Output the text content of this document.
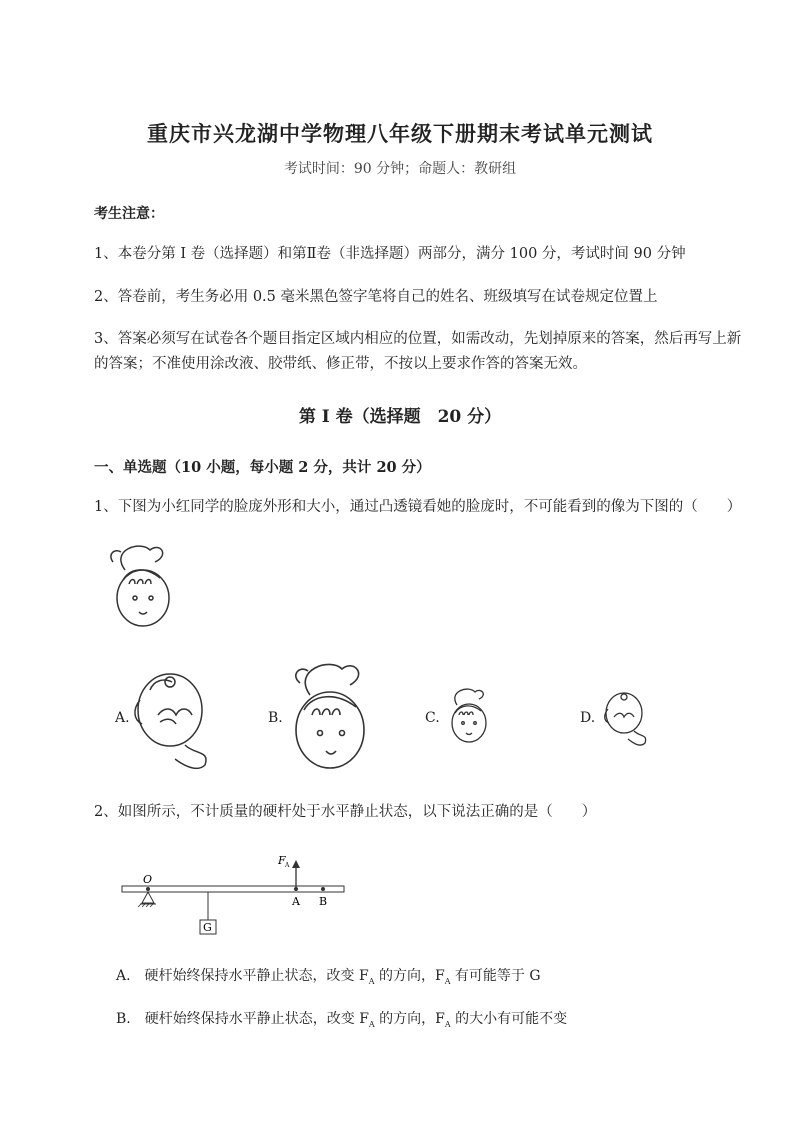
重庆市兴龙湖中学物理八年级下册期末考试单元测试
考试时间：90 分钟；命题人：教研组
考生注意：
1、本卷分第 I 卷（选择题）和第Ⅱ卷（非选择题）两部分，满分 100 分，考试时间 90 分钟
2、答卷前，考生务必用 0.5 毫米黑色签字笔将自己的姓名、班级填写在试卷规定位置上
3、答案必须写在试卷各个题目指定区域内相应的位置，如需改动，先划掉原来的答案，然后再写上新的答案；不准使用涂改液、胶带纸、修正带，不按以上要求作答的答案无效。
第 I 卷（选择题　20 分）
一、单选题（10 小题，每小题 2 分，共计 20 分）
1、下图为小红同学的脸庞外形和大小，通过凸透镜看她的脸庞时，不可能看到的像为下图的（　　）
A.	B.	C.	D.
2、如图所示，不计质量的硬杆处于水平静止状态，以下说法正确的是（　　）
O
G
F A
A B
A.　硬杆始终保持水平静止状态，改变 $F_A$ 的方向，$F_A$ 有可能等于 G
B.　硬杆始终保持水平静止状态，改变 $F_A$ 的方向，$F_A$ 的大小有可能不变
